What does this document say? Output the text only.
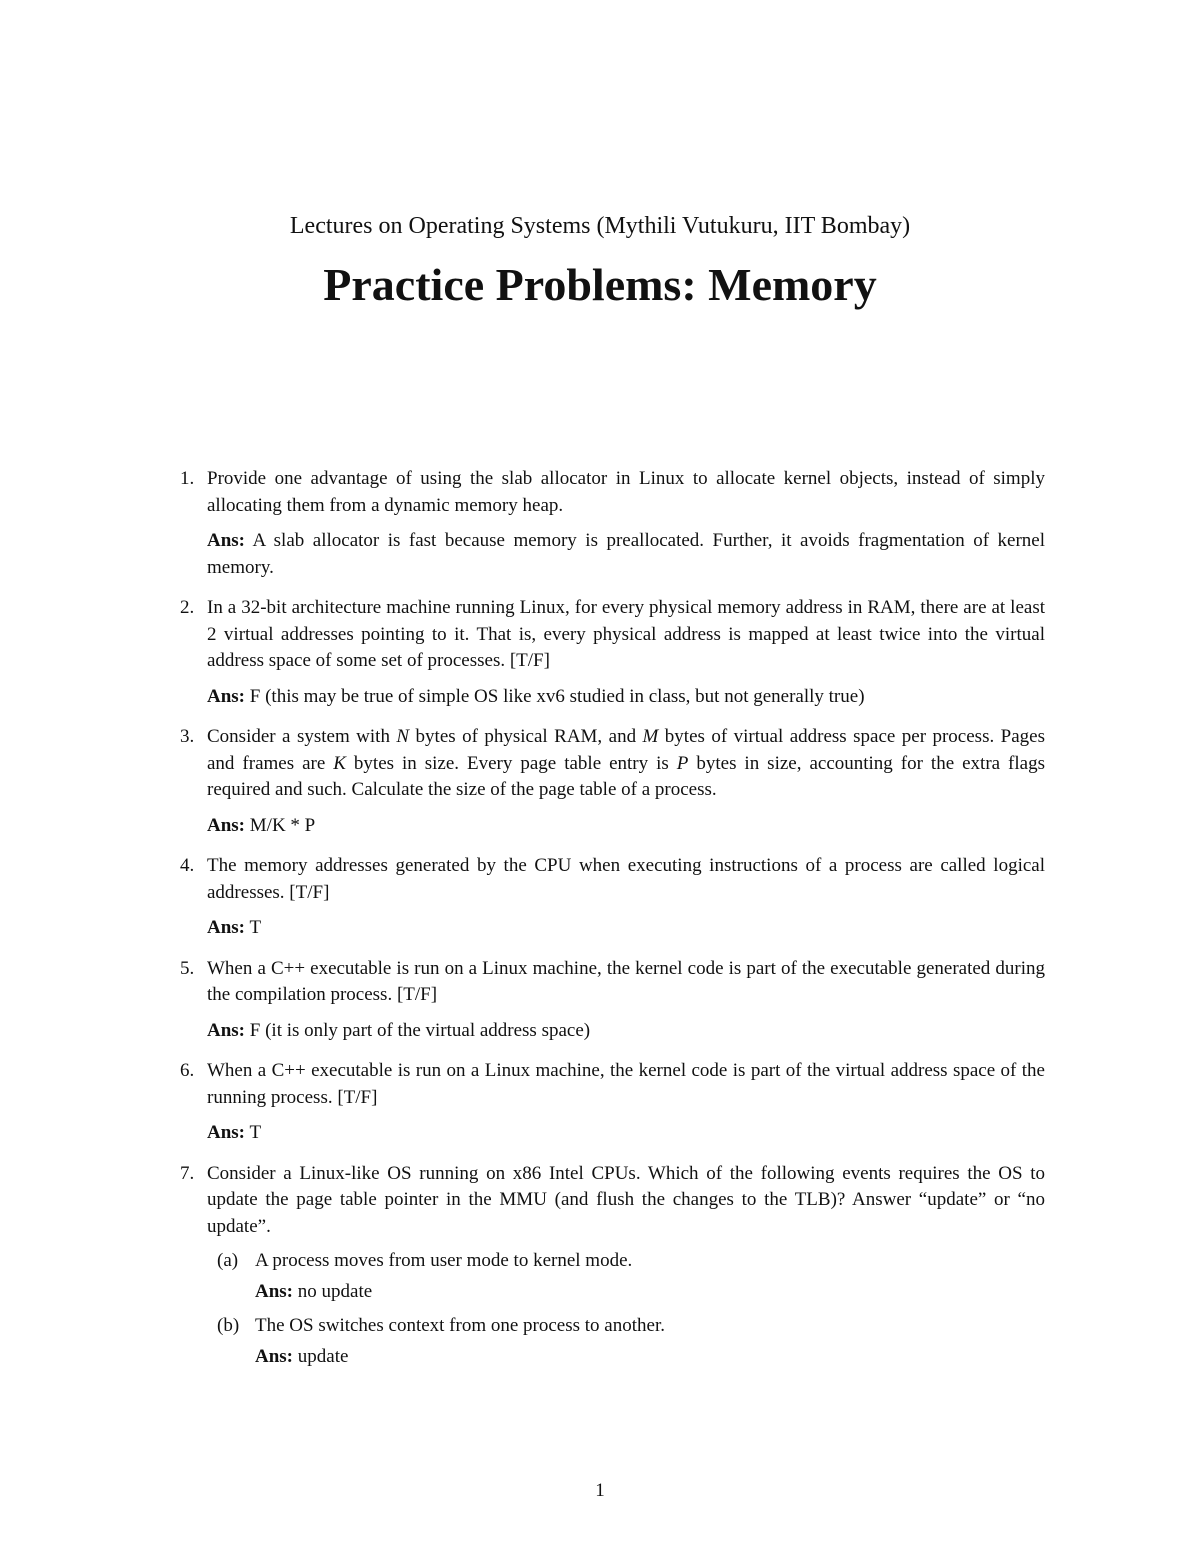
Lectures on Operating Systems (Mythili Vutukuru, IIT Bombay)
Practice Problems: Memory
1. Provide one advantage of using the slab allocator in Linux to allocate kernel objects, instead of simply allocating them from a dynamic memory heap.
Ans: A slab allocator is fast because memory is preallocated. Further, it avoids fragmentation of kernel memory.
2. In a 32-bit architecture machine running Linux, for every physical memory address in RAM, there are at least 2 virtual addresses pointing to it. That is, every physical address is mapped at least twice into the virtual address space of some set of processes. [T/F]
Ans: F (this may be true of simple OS like xv6 studied in class, but not generally true)
3. Consider a system with N bytes of physical RAM, and M bytes of virtual address space per process. Pages and frames are K bytes in size. Every page table entry is P bytes in size, accounting for the extra flags required and such. Calculate the size of the page table of a process.
Ans: M/K * P
4. The memory addresses generated by the CPU when executing instructions of a process are called logical addresses. [T/F]
Ans: T
5. When a C++ executable is run on a Linux machine, the kernel code is part of the executable generated during the compilation process. [T/F]
Ans: F (it is only part of the virtual address space)
6. When a C++ executable is run on a Linux machine, the kernel code is part of the virtual address space of the running process. [T/F]
Ans: T
7. Consider a Linux-like OS running on x86 Intel CPUs. Which of the following events requires the OS to update the page table pointer in the MMU (and flush the changes to the TLB)? Answer “update” or “no update”.
(a) A process moves from user mode to kernel mode.
Ans: no update
(b) The OS switches context from one process to another.
Ans: update
1
